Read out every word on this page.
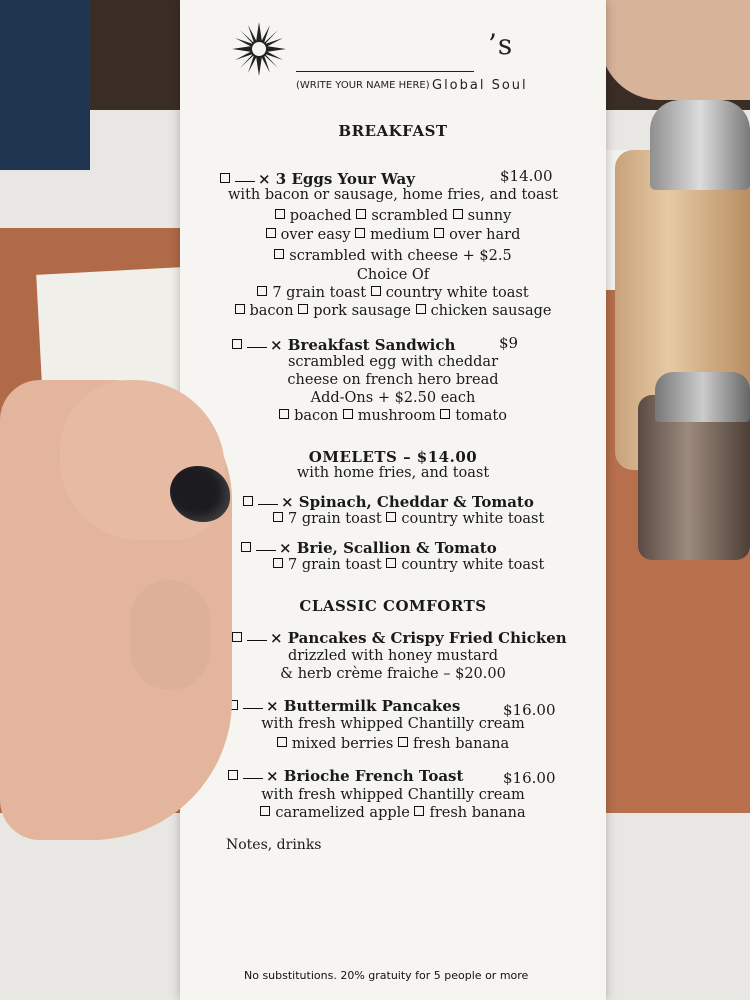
’s
(WRITE YOUR NAME HERE) Global Soul
BREAKFAST
× 3 Eggs Your Way	$14.00
with bacon or sausage, home fries, and toast
poached scrambled sunny
over easy medium over hard
scrambled with cheese + $2.5
Choice Of
7 grain toast country white toast
bacon pork sausage chicken sausage
× Breakfast Sandwich	$9
scrambled egg with cheddar
cheese on french hero bread
Add-Ons + $2.50 each
bacon mushroom tomato
OMELETS – $14.00
with home fries, and toast
× Spinach, Cheddar & Tomato
7 grain toast country white toast
× Brie, Scallion & Tomato
7 grain toast country white toast
CLASSIC COMFORTS
× Pancakes & Crispy Fried Chicken
drizzled with honey mustard
& herb crème fraiche – $20.00
× Buttermilk Pancakes	$16.00
with fresh whipped Chantilly cream
mixed berries fresh banana
× Brioche French Toast	$16.00
with fresh whipped Chantilly cream
caramelized apple fresh banana
Notes, drinks
No substitutions. 20% gratuity for 5 people or more
